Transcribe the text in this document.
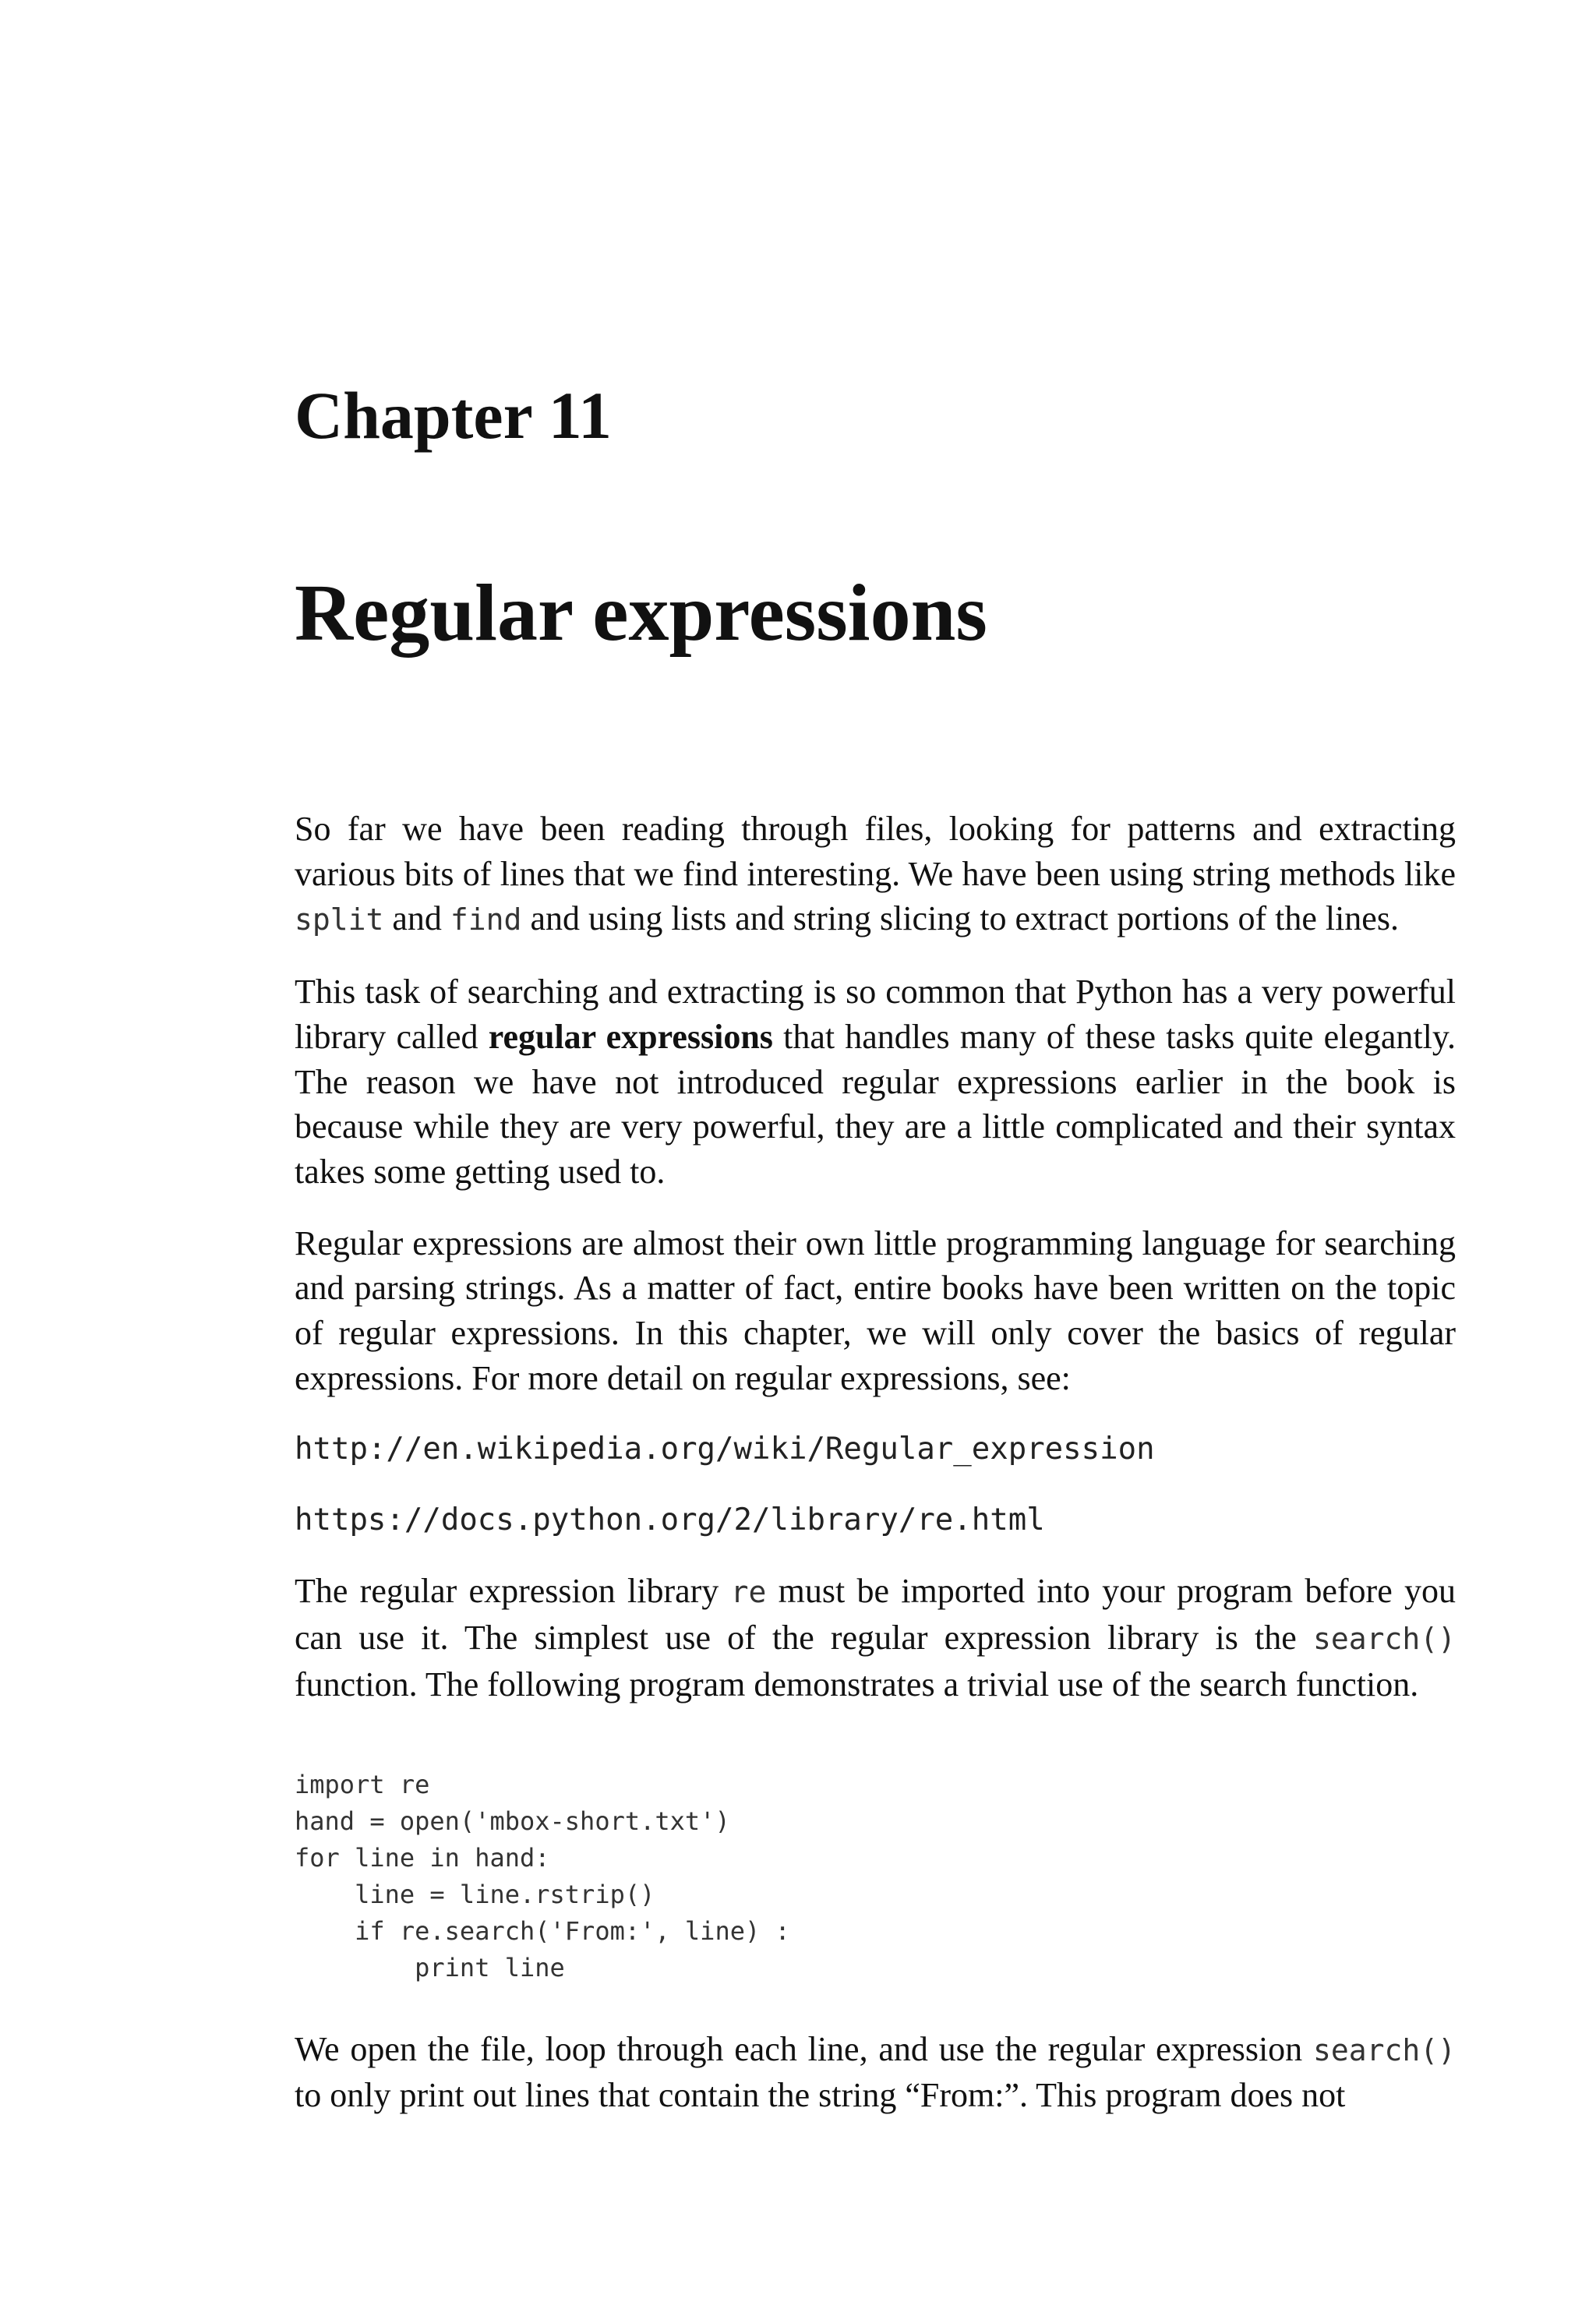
Chapter 11
Regular expressions

So far we have been reading through files, looking for patterns and extracting various bits of lines that we find interesting. We have been using string methods like split and find and using lists and string slicing to extract portions of the lines.

This task of searching and extracting is so common that Python has a very powerful library called regular expressions that handles many of these tasks quite elegantly. The reason we have not introduced regular expressions earlier in the book is because while they are very powerful, they are a little complicated and their syntax takes some getting used to.

Regular expressions are almost their own little programming language for searching and parsing strings. As a matter of fact, entire books have been written on the topic of regular expressions. In this chapter, we will only cover the basics of regular expressions. For more detail on regular expressions, see:

http://en.wikipedia.org/wiki/Regular_expression
https://docs.python.org/2/library/re.html

The regular expression library re must be imported into your program before you can use it. The simplest use of the regular expression library is the search() function. The following program demonstrates a trivial use of the search function.

import re
hand = open('mbox-short.txt')
for line in hand:
line = line.rstrip()
if re.search('From:', line) :
print line

We open the file, loop through each line, and use the regular expression search() to only print out lines that contain the string “From:”. This program does not
